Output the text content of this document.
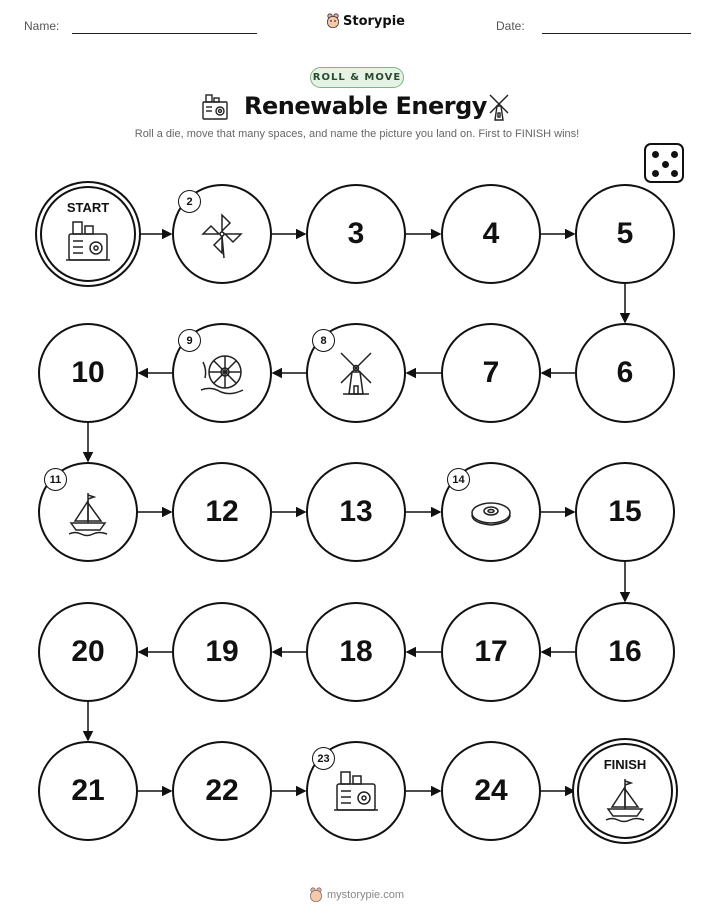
Name:	Storypie	Date:
ROLL & MOVE
Renewable Energy
Roll a die, move that many spaces, and name the picture you land on. First to FINISH wins!
START	2
3	4	5
6
7
8
9
10
11
12	13
14
15
16
17
18
19
20
21	22
23
24
FINISH
mystorypie.com
